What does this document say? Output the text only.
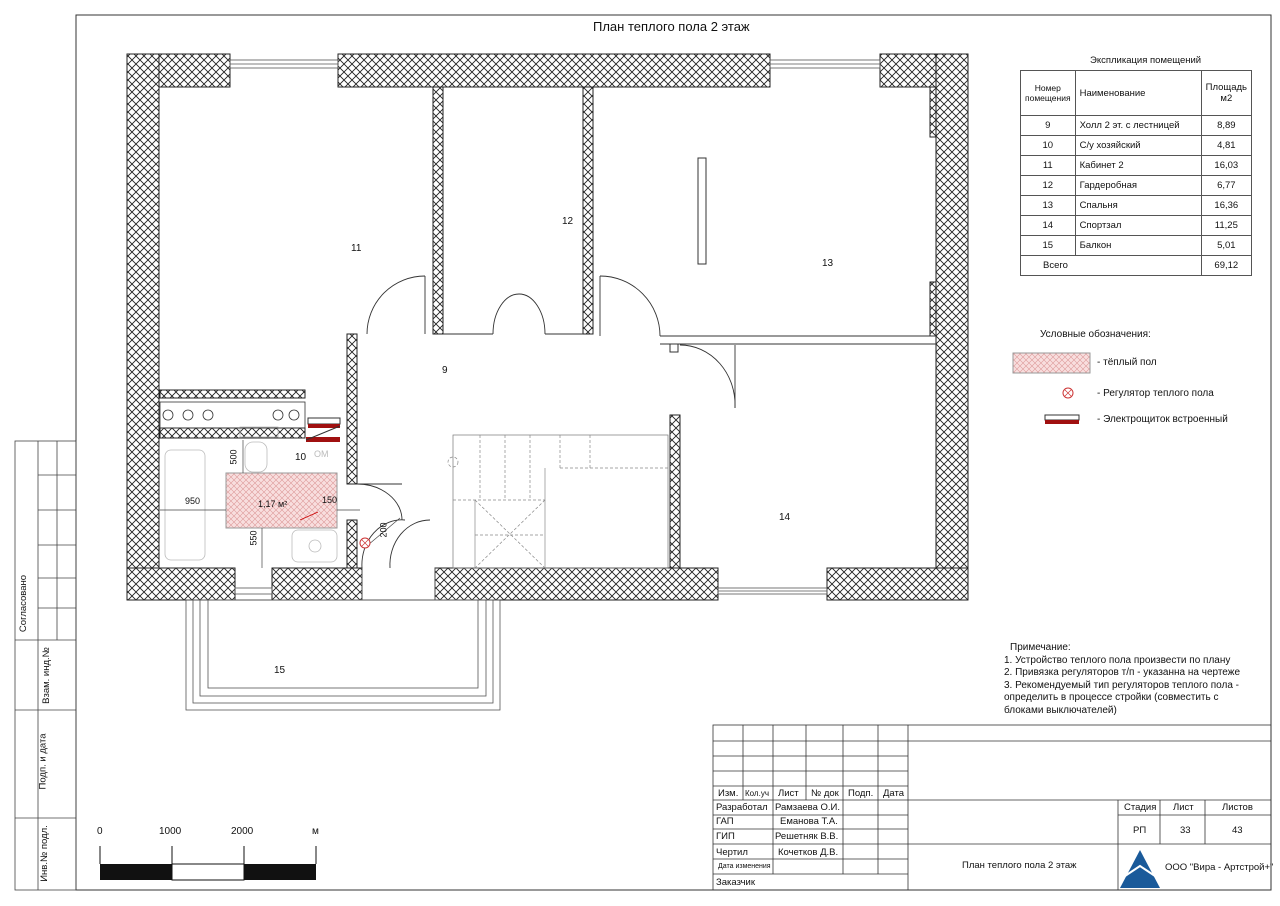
План теплого пола 2 этаж
11
12
13
9
10
14
15
500
950	150
550
200
1,17 м²
ОМ
Экспликация помещений
Номер помещения	Наименование	Площадь м2
9	Холл 2 эт. с лестницей	8,89
10	С/у хозяйский	4,81
11	Кабинет 2	16,03
12	Гардеробная	6,77
13	Спальня	16,36
14	Спортзал	11,25
15	Балкон	5,01
Всего		69,12
Условные обозначения:
- тёплый пол
- Регулятор теплого пола
- Электрощиток встроенный
Примечание:
1. Устройство теплого пола произвести по плану
2. Привязка регуляторов т/п - указанна на чертеже
3. Рекомендуемый тип регуляторов теплого пола - определить в процессе стройки (совместить с блоками выключателей)
0	1000	2000	м
Согласовано
Взам. инд.№
Подп. и дата
Инв.№ подл.
Изм. Кол.уч Лист № док Подп. Дата
Разработал Рамзаева О.И.
ГАП	Еманова Т.А.
ГИП	Решетняк В.В.
Чертил	Кочетков Д.В.
Дата изменения
Заказчик
План теплого пола 2 этаж
Стадия
РП
Лист
33
Листов
43
ООО "Вира - Артстрой+"
